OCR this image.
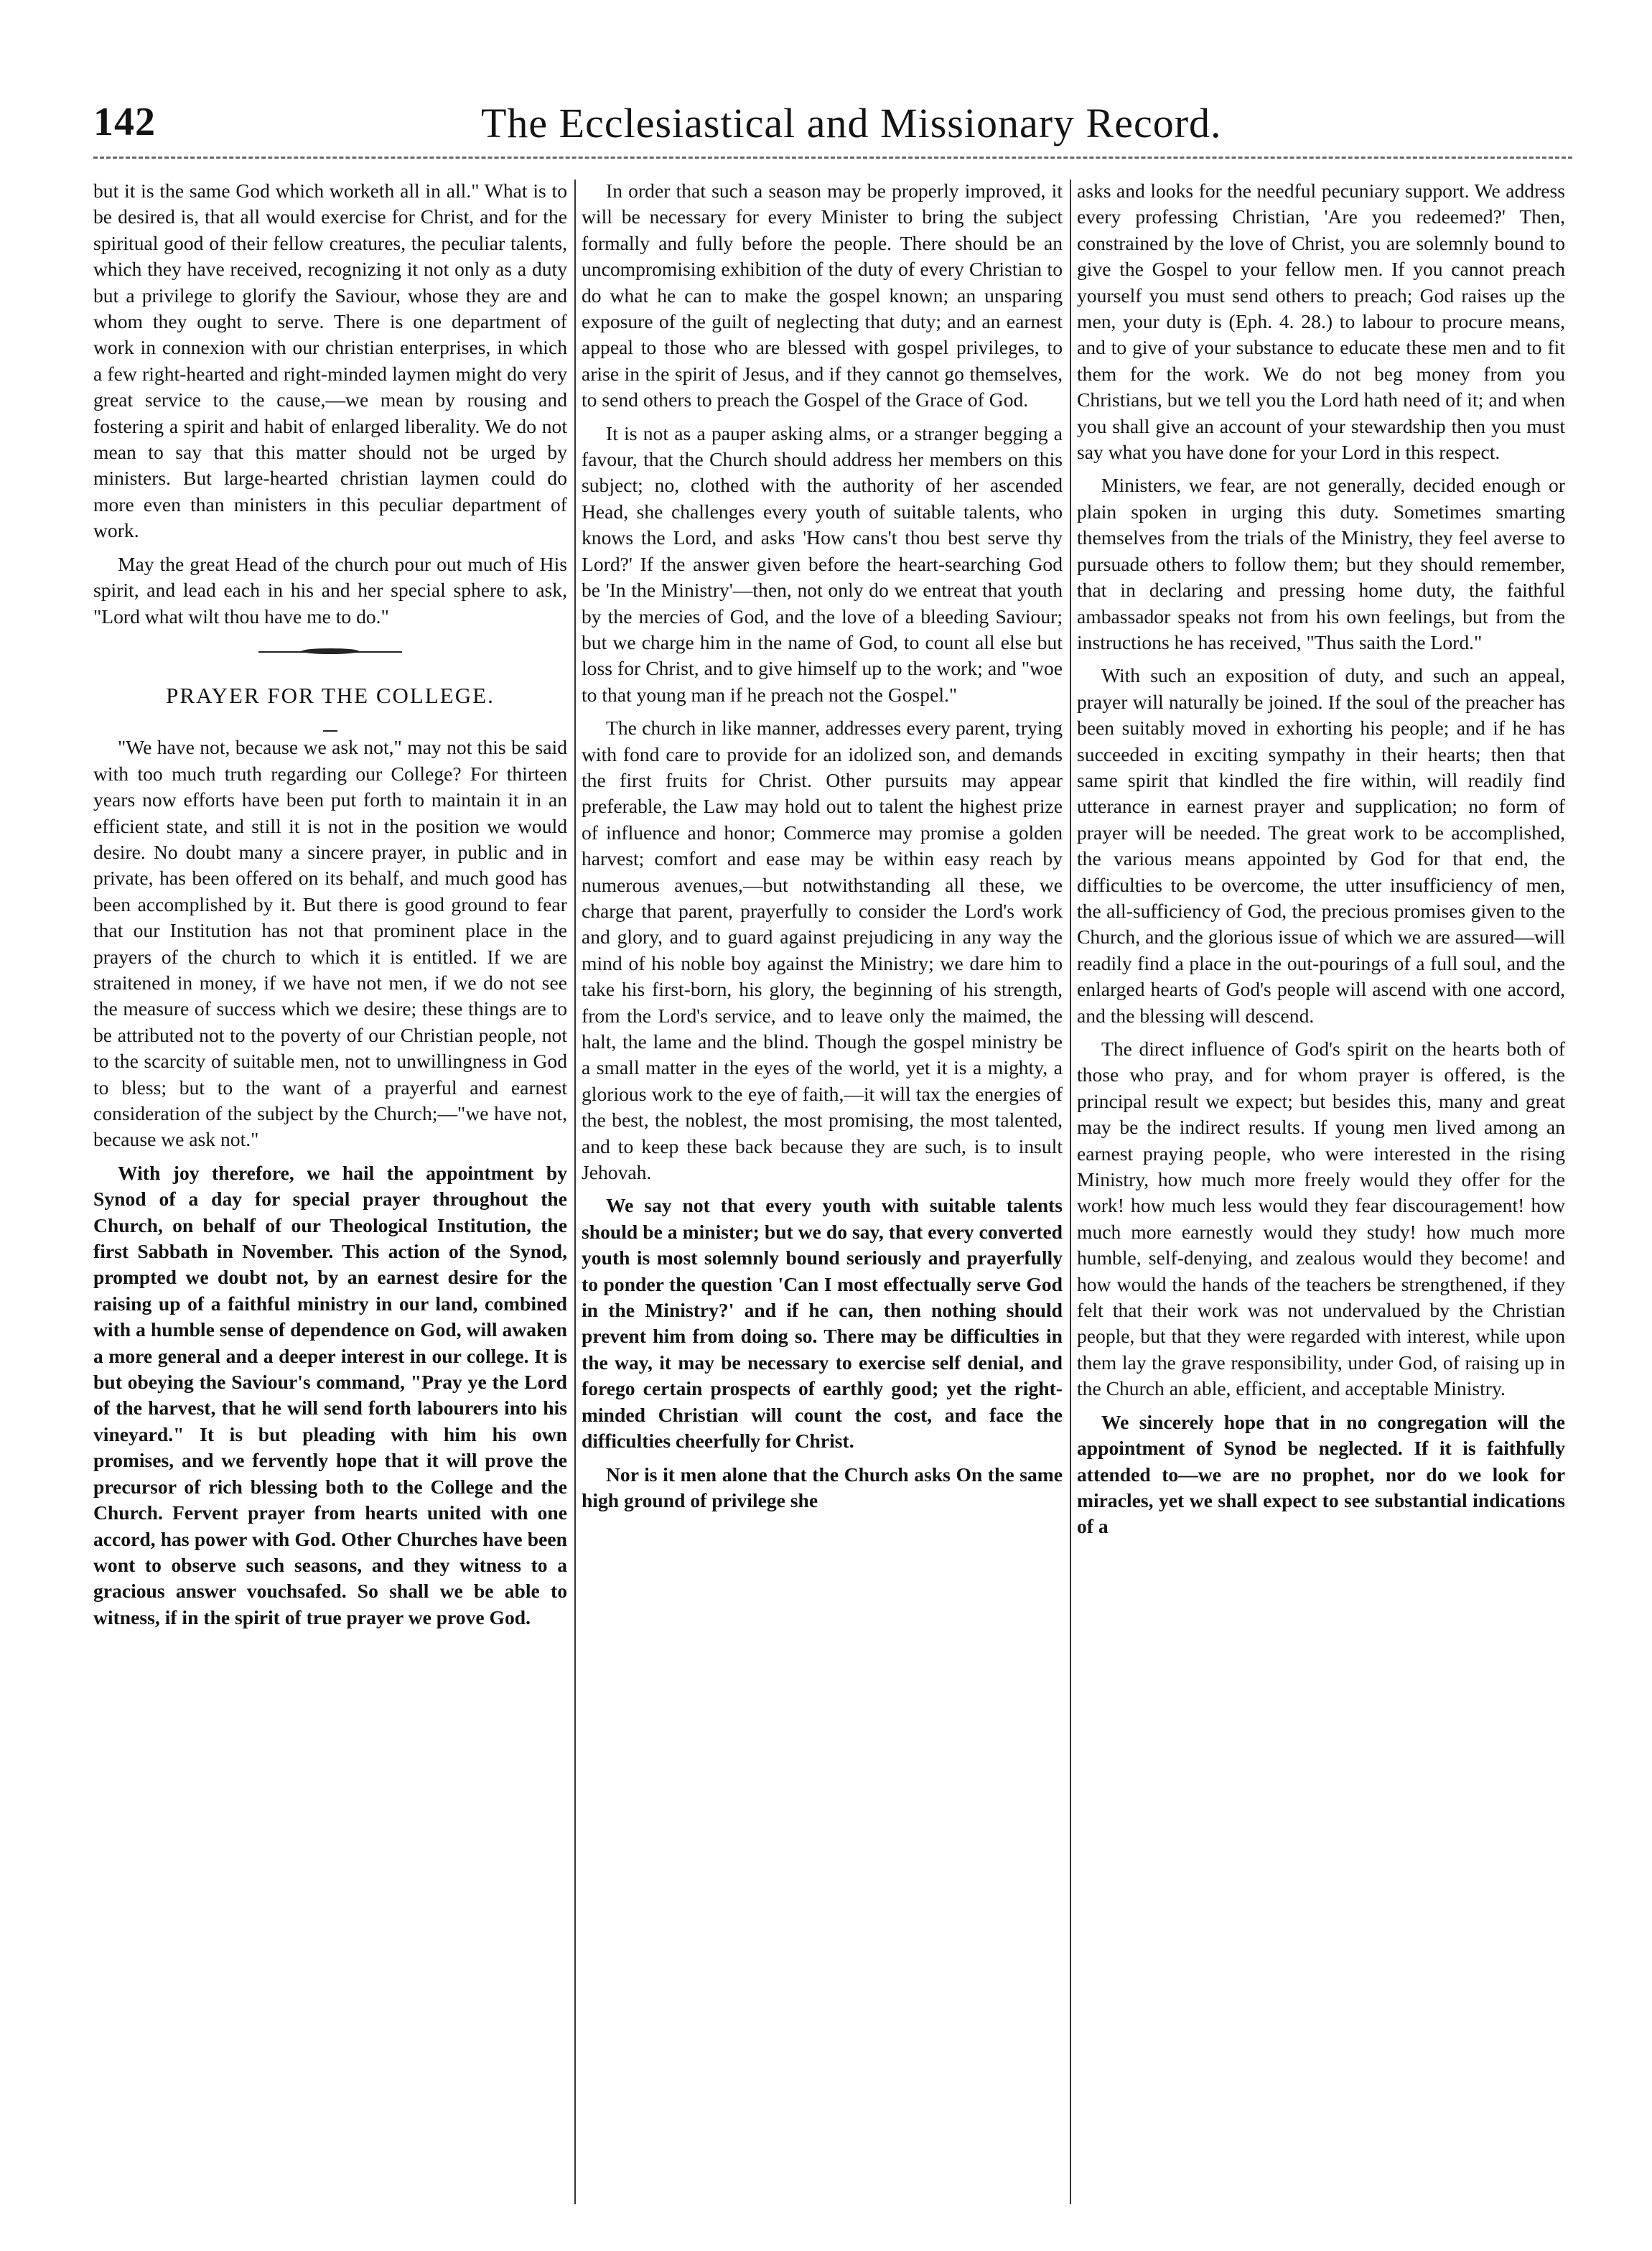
142	The Ecclesiastical and Missionary Record.

but it is the same God which worketh all in all." What is to be desired is, that all would exercise for Christ, and for the spiritual good of their fellow creatures, the peculiar talents, which they have received, recognizing it not only as a duty but a privilege to glorify the Saviour, whose they are and whom they ought to serve. There is one department of work in connexion with our christian enterprises, in which a few right-hearted and right-minded laymen might do very great service to the cause,—we mean by rousing and fostering a spirit and habit of enlarged liberality. We do not mean to say that this matter should not be urged by ministers. But large-hearted christian laymen could do more even than ministers in this peculiar department of work.

May the great Head of the church pour out much of His spirit, and lead each in his and her special sphere to ask, "Lord what wilt thou have me to do."

PRAYER FOR THE COLLEGE.

"We have not, because we ask not," may not this be said with too much truth regarding our College? For thirteen years now efforts have been put forth to maintain it in an efficient state, and still it is not in the position we would desire. No doubt many a sincere prayer, in public and in private, has been offered on its behalf, and much good has been accomplished by it. But there is good ground to fear that our Institution has not that prominent place in the prayers of the church to which it is entitled. If we are straitened in money, if we have not men, if we do not see the measure of success which we desire; these things are to be attributed not to the poverty of our Christian people, not to the scarcity of suitable men, not to unwillingness in God to bless; but to the want of a prayerful and earnest consideration of the subject by the Church;—"we have not, because we ask not."

With joy therefore, we hail the appointment by Synod of a day for special prayer throughout the Church, on behalf of our Theological Institution, the first Sabbath in November. This action of the Synod, prompted we doubt not, by an earnest desire for the raising up of a faithful ministry in our land, combined with a humble sense of dependence on God, will awaken a more general and a deeper interest in our college. It is but obeying the Saviour's command, "Pray ye the Lord of the harvest, that he will send forth labourers into his vineyard." It is but pleading with him his own promises, and we fervently hope that it will prove the precursor of rich blessing both to the College and the Church. Fervent prayer from hearts united with one accord, has power with God. Other Churches have been wont to observe such seasons, and they witness to a gracious answer vouchsafed. So shall we be able to witness, if in the spirit of true prayer we prove God.

In order that such a season may be properly improved, it will be necessary for every Minister to bring the subject formally and fully before the people. There should be an uncompromising exhibition of the duty of every Christian to do what he can to make the gospel known; an unsparing exposure of the guilt of neglecting that duty; and an earnest appeal to those who are blessed with gospel privileges, to arise in the spirit of Jesus, and if they cannot go themselves, to send others to preach the Gospel of the Grace of God.

It is not as a pauper asking alms, or a stranger begging a favour, that the Church should address her members on this subject; no, clothed with the authority of her ascended Head, she challenges every youth of suitable talents, who knows the Lord, and asks 'How cans't thou best serve thy Lord?' If the answer given before the heart-searching God be 'In the Ministry'—then, not only do we entreat that youth by the mercies of God, and the love of a bleeding Saviour; but we charge him in the name of God, to count all else but loss for Christ, and to give himself up to the work; and "woe to that young man if he preach not the Gospel."

The church in like manner, addresses every parent, trying with fond care to provide for an idolized son, and demands the first fruits for Christ. Other pursuits may appear preferable, the Law may hold out to talent the highest prize of influence and honor; Commerce may promise a golden harvest; comfort and ease may be within easy reach by numerous avenues,—but notwithstanding all these, we charge that parent, prayerfully to consider the Lord's work and glory, and to guard against prejudicing in any way the mind of his noble boy against the Ministry; we dare him to take his first-born, his glory, the beginning of his strength, from the Lord's service, and to leave only the maimed, the halt, the lame and the blind. Though the gospel ministry be a small matter in the eyes of the world, yet it is a mighty, a glorious work to the eye of faith,—it will tax the energies of the best, the noblest, the most promising, the most talented, and to keep these back because they are such, is to insult Jehovah.

We say not that every youth with suitable talents should be a minister; but we do say, that every converted youth is most solemnly bound seriously and prayerfully to ponder the question 'Can I most effectually serve God in the Ministry?' and if he can, then nothing should prevent him from doing so. There may be difficulties in the way, it may be necessary to exercise self denial, and forego certain prospects of earthly good; yet the right-minded Christian will count the cost, and face the difficulties cheerfully for Christ.

Nor is it men alone that the Church asks On the same high ground of privilege she

asks and looks for the needful pecuniary support. We address every professing Christian, 'Are you redeemed?' Then, constrained by the love of Christ, you are solemnly bound to give the Gospel to your fellow men. If you cannot preach yourself you must send others to preach; God raises up the men, your duty is (Eph. 4. 28.) to labour to procure means, and to give of your substance to educate these men and to fit them for the work. We do not beg money from you Christians, but we tell you the Lord hath need of it; and when you shall give an account of your stewardship then you must say what you have done for your Lord in this respect.

Ministers, we fear, are not generally, decided enough or plain spoken in urging this duty. Sometimes smarting themselves from the trials of the Ministry, they feel averse to pursuade others to follow them; but they should remember, that in declaring and pressing home duty, the faithful ambassador speaks not from his own feelings, but from the instructions he has received, "Thus saith the Lord."

With such an exposition of duty, and such an appeal, prayer will naturally be joined. If the soul of the preacher has been suitably moved in exhorting his people; and if he has succeeded in exciting sympathy in their hearts; then that same spirit that kindled the fire within, will readily find utterance in earnest prayer and supplication; no form of prayer will be needed. The great work to be accomplished, the various means appointed by God for that end, the difficulties to be overcome, the utter insufficiency of men, the all-sufficiency of God, the precious promises given to the Church, and the glorious issue of which we are assured—will readily find a place in the out-pourings of a full soul, and the enlarged hearts of God's people will ascend with one accord, and the blessing will descend.

The direct influence of God's spirit on the hearts both of those who pray, and for whom prayer is offered, is the principal result we expect; but besides this, many and great may be the indirect results. If young men lived among an earnest praying people, who were interested in the rising Ministry, how much more freely would they offer for the work! how much less would they fear discouragement! how much more earnestly would they study! how much more humble, self-denying, and zealous would they become! and how would the hands of the teachers be strengthened, if they felt that their work was not undervalued by the Christian people, but that they were regarded with interest, while upon them lay the grave responsibility, under God, of raising up in the Church an able, efficient, and acceptable Ministry.

We sincerely hope that in no congregation will the appointment of Synod be neglected. If it is faithfully attended to—we are no prophet, nor do we look for miracles, yet we shall expect to see substantial indications of a
